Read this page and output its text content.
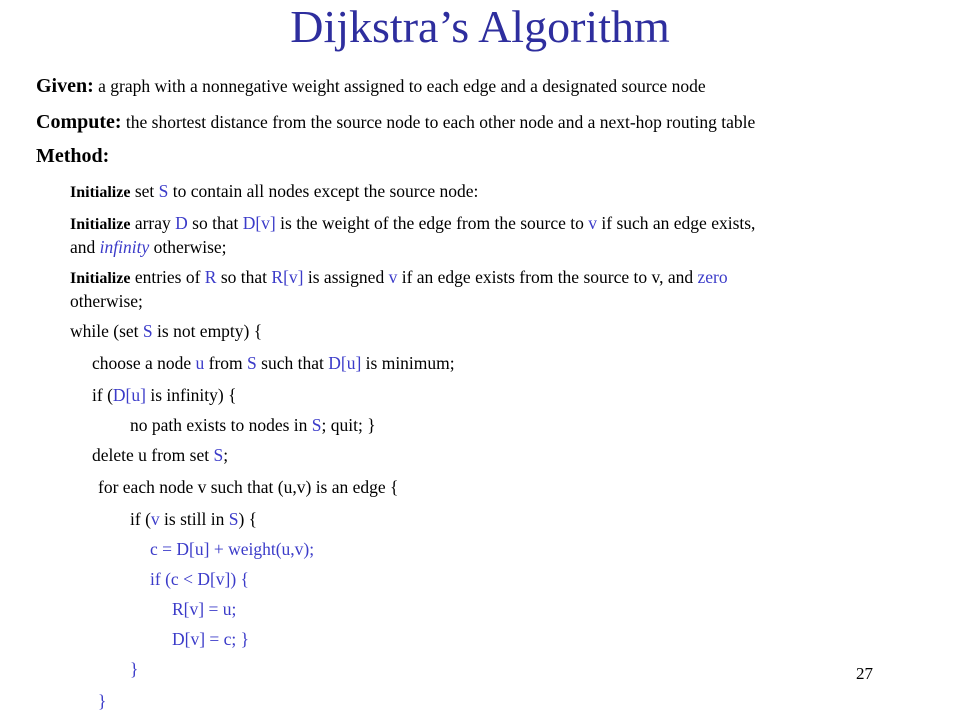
Dijkstra’s Algorithm
Given: a graph with a nonnegative weight assigned to each edge and a designated source node
Compute: the shortest distance from the source node to each other node and a next-hop routing table
Method:
Initialize set S to contain all nodes except the source node:
Initialize array D so that D[v] is the weight of the edge from the source to v if such an edge exists,
and infinity otherwise;
Initialize entries of R so that R[v] is assigned v if an edge exists from the source to v, and zero
otherwise;
while (set S is not empty) {
choose a node u from S such that D[u] is minimum;
if (D[u] is infinity) {
no path exists to nodes in S; quit; }
delete u from set S;
for each node v such that (u,v) is an edge {
if (v is still in S) {
c = D[u] + weight(u,v);
if (c < D[v]) {
R[v] = u;
D[v] = c; }
}
}
27
